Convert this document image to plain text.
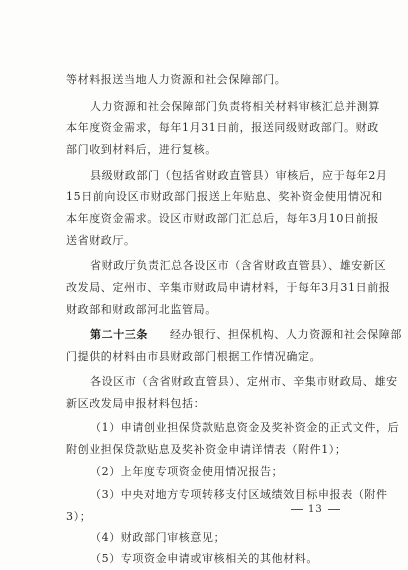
等材料报送当地人力资源和社会保障部门。
人力资源和社会保障部门负责将相关材料审核汇总并测算
本年度资金需求，每年1月31日前，报送同级财政部门。财政
部门收到材料后，进行复核。
县级财政部门（包括省财政直管县）审核后，应于每年2月
15日前向设区市财政部门报送上年贴息、奖补资金使用情况和
本年度资金需求。设区市财政部门汇总后，每年3月10日前报
送省财政厅。
省财政厅负责汇总各设区市（含省财政直管县）、雄安新区
改发局、定州市、辛集市财政局申请材料，于每年3月31日前报
财政部和财政部河北监管局。
第二十三条 经办银行、担保机构、人力资源和社会保障部
门提供的材料由市县财政部门根据工作情况确定。
各设区市（含省财政直管县）、定州市、辛集市财政局、雄安
新区改发局申报材料包括：
（1）申请创业担保贷款贴息资金及奖补资金的正式文件，后
附创业担保贷款贴息及奖补资金申请详情表（附件1）；
（2）上年度专项资金使用情况报告；
（3）中央对地方专项转移支付区域绩效目标申报表（附件
3）；
（4）财政部门审核意见；
（5）专项资金申请或审核相关的其他材料。
13
